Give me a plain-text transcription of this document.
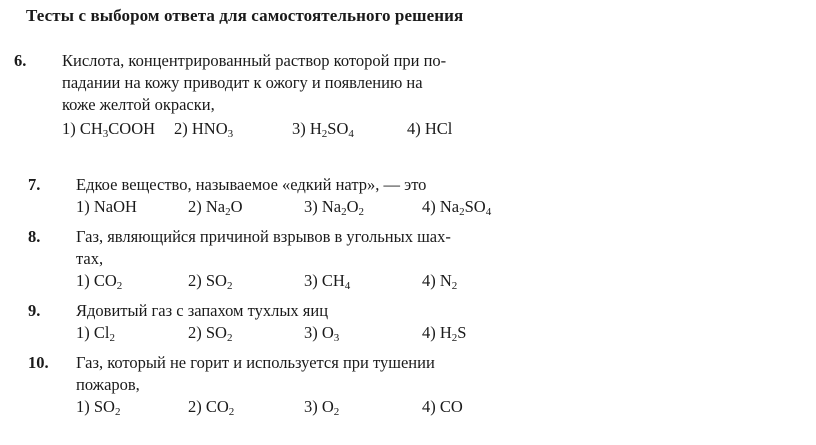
Тесты с выбором ответа для самостоятельного решения
6. Кислота, концентрированный раствор которой при по-
падании на кожу приводит к ожогу и появлению на
коже желтой окраски,
1) $CH_3COOH$ 2) $HNO_3$	3) $H_2SO_4$	4) HCl
7. Едкое вещество, называемое «едкий натр», — это
1) NaOH	2) $Na_2O$	3) $Na_2O_2$	4) $Na_2SO_4$
8. Газ, являющийся причиной взрывов в угольных шах-
тах,
1) $CO_2$	2) $SO_2$	3) $CH_4$	4) $N_2$
9. Ядовитый газ с запахом тухлых яиц
1) $Cl_2$	2) $SO_2$	3) $O_3$	4) $H_2S$
10. Газ, который не горит и используется при тушении
пожаров,
1) $SO_2$	2) $CO_2$	3) $O_2$	4) CO
